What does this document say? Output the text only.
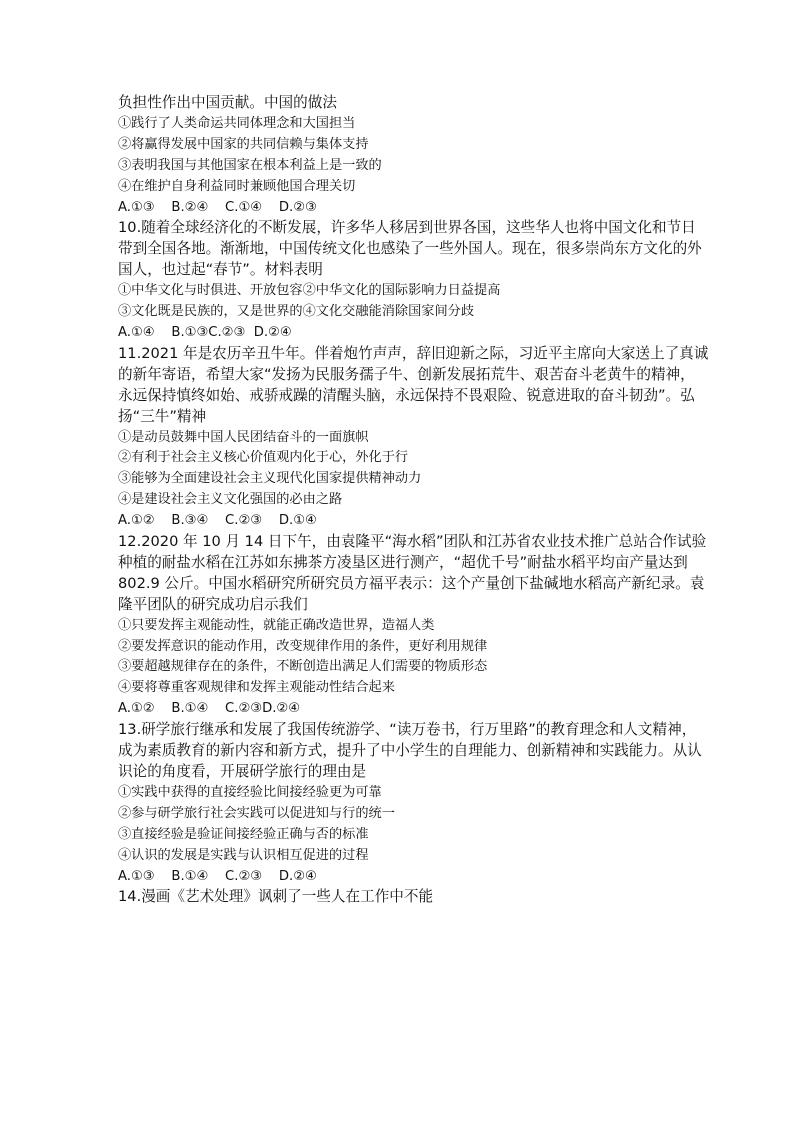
负担性作出中国贡献。中国的做法
①践行了人类命运共同体理念和大国担当
②将赢得发展中国家的共同信赖与集体支持
③表明我国与其他国家在根本利益上是一致的
④在维护自身利益同时兼顾他国合理关切
A.①③    B.②④    C.①④    D.②③
10.随着全球经济化的不断发展，许多华人移居到世界各国，这些华人也将中国文化和节日
带到全国各地。渐渐地，中国传统文化也感染了一些外国人。现在，很多崇尚东方文化的外
国人，也过起“春节”。材料表明
①中华文化与时俱进、开放包容②中华文化的国际影响力日益提高
③文化既是民族的，又是世界的④文化交融能消除国家间分歧
A.①④    B.①③C.②③  D.②④
11.2021 年是农历辛丑牛年。伴着炮竹声声，辞旧迎新之际，习近平主席向大家送上了真诚
的新年寄语，希望大家“发扬为民服务孺子牛、创新发展拓荒牛、艰苦奋斗老黄牛的精神，
永远保持慎终如始、戒骄戒躁的清醒头脑，永远保持不畏艰险、锐意进取的奋斗韧劲”。弘
扬“三牛”精神
①是动员鼓舞中国人民团结奋斗的一面旗帜
②有利于社会主义核心价值观内化于心，外化于行
③能够为全面建设社会主义现代化国家提供精神动力
④是建设社会主义文化强国的必由之路
A.①②    B.③④    C.②③    D.①④
12.2020 年 10 月 14 日下午，由袁隆平“海水稻”团队和江苏省农业技术推广总站合作试验
种植的耐盐水稻在江苏如东拂茶方凌垦区进行测产，“超优千号”耐盐水稻平均亩产量达到
802.9 公斤。中国水稻研究所研究员方福平表示：这个产量创下盐碱地水稻高产新纪录。袁
隆平团队的研究成功启示我们
①只要发挥主观能动性，就能正确改造世界，造福人类
②要发挥意识的能动作用，改变规律作用的条件，更好利用规律
③要超越规律存在的条件，不断创造出满足人们需要的物质形态
④要将尊重客观规律和发挥主观能动性结合起来
A.①②    B.①④    C.②③D.②④
13.研学旅行继承和发展了我国传统游学、“读万卷书，行万里路”的教育理念和人文精神，
成为素质教育的新内容和新方式，提升了中小学生的自理能力、创新精神和实践能力。从认
识论的角度看，开展研学旅行的理由是
①实践中获得的直接经验比间接经验更为可靠
②参与研学旅行社会实践可以促进知与行的统一
③直接经验是验证间接经验正确与否的标准
④认识的发展是实践与认识相互促进的过程
A.①③    B.①④    C.②③    D.②④
14.漫画《艺术处理》讽刺了一些人在工作中不能
